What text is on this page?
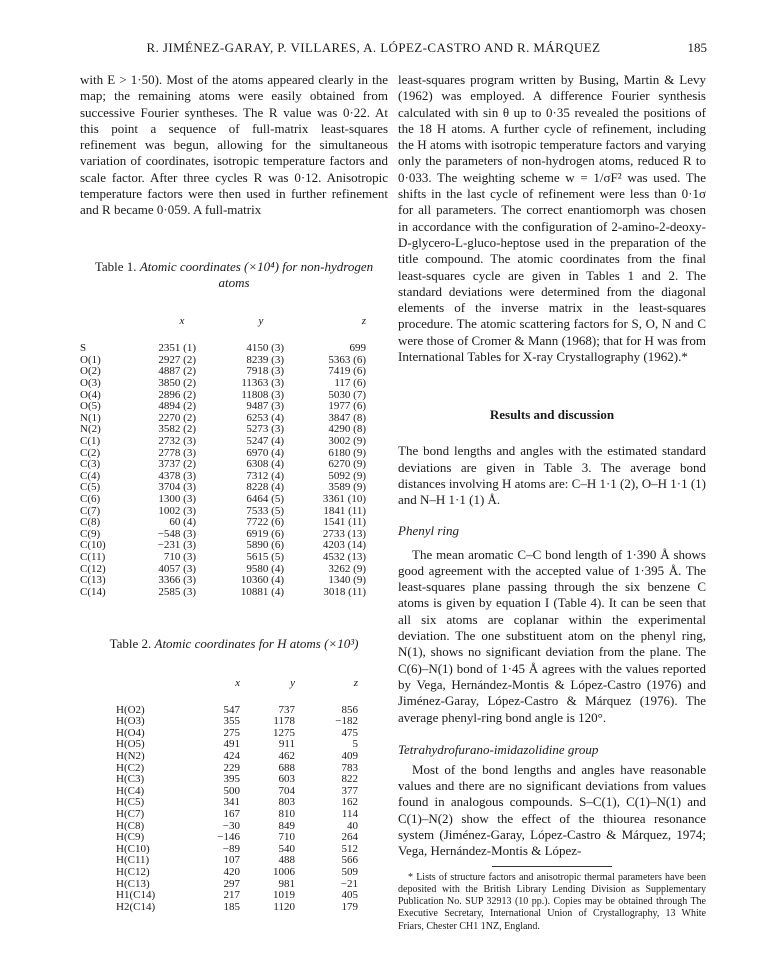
R. JIMÉNEZ-GARAY, P. VILLARES, A. LÓPEZ-CASTRO AND R. MÁRQUEZ	185

with E > 1·50). Most of the atoms appeared clearly in the map; the remaining atoms were easily obtained from successive Fourier syntheses. The R value was 0·22. At this point a sequence of full-matrix least-squares refinement was begun, allowing for the simultaneous variation of coordinates, isotropic temperature factors and scale factor. After three cycles R was 0·12. Anisotropic temperature factors were then used in further refinement and R became 0·059. A full-matrix

Table 1. Atomic coordinates (×10⁴) for non-hydrogen atoms
	x	y	z
S	2351 (1)	4150 (3)	699
O(1)	2927 (2)	8239 (3)	5363 (6)
O(2)	4887 (2)	7918 (3)	7419 (6)
O(3)	3850 (2)	11363 (3)	117 (6)
O(4)	2896 (2)	11808 (3)	5030 (7)
O(5)	4894 (2)	9487 (3)	1977 (6)
N(1)	2270 (2)	6253 (4)	3847 (8)
N(2)	3582 (2)	5273 (3)	4290 (8)
C(1)	2732 (3)	5247 (4)	3002 (9)
C(2)	2778 (3)	6970 (4)	6180 (9)
C(3)	3737 (2)	6308 (4)	6270 (9)
C(4)	4378 (3)	7312 (4)	5092 (9)
C(5)	3704 (3)	8228 (4)	3589 (9)
C(6)	1300 (3)	6464 (5)	3361 (10)
C(7)	1002 (3)	7533 (5)	1841 (11)
C(8)	60 (4)	7722 (6)	1541 (11)
C(9)	−548 (3)	6919 (6)	2733 (13)
C(10)	−231 (3)	5890 (6)	4203 (14)
C(11)	710 (3)	5615 (5)	4532 (13)
C(12)	4057 (3)	9580 (4)	3262 (9)
C(13)	3366 (3)	10360 (4)	1340 (9)
C(14)	2585 (3)	10881 (4)	3018 (11)
Table 2. Atomic coordinates for H atoms (×10³)
	x	y	z
H(O2)	547	737	856
H(O3)	355	1178	−182
H(O4)	275	1275	475
H(O5)	491	911	5
H(N2)	424	462	409
H(C2)	229	688	783
H(C3)	395	603	822
H(C4)	500	704	377
H(C5)	341	803	162
H(C7)	167	810	114
H(C8)	−30	849	40
H(C9)	−146	710	264
H(C10)	−89	540	512
H(C11)	107	488	566
H(C12)	420	1006	509
H(C13)	297	981	−21
H1(C14)	217	1019	405
H2(C14)	185	1120	179

least-squares program written by Busing, Martin & Levy (1962) was employed. A difference Fourier synthesis calculated with sin θ up to 0·35 revealed the positions of the 18 H atoms. A further cycle of refinement, including the H atoms with isotropic temperature factors and varying only the parameters of non-hydrogen atoms, reduced R to 0·033. The weighting scheme w = 1/σF² was used. The shifts in the last cycle of refinement were less than 0·1σ for all parameters. The correct enantiomorph was chosen in accordance with the configuration of 2-amino-2-deoxy-D-glycero-L-gluco-heptose used in the preparation of the title compound. The atomic coordinates from the final least-squares cycle are given in Tables 1 and 2. The standard deviations were determined from the diagonal elements of the inverse matrix in the least-squares procedure. The atomic scattering factors for S, O, N and C were those of Cromer & Mann (1968); that for H was from International Tables for X-ray Crystallography (1962).*

Results and discussion

The bond lengths and angles with the estimated standard deviations are given in Table 3. The average bond distances involving H atoms are: C–H 1·1 (2), O–H 1·1 (1) and N–H 1·1 (1) Å.

Phenyl ring

The mean aromatic C–C bond length of 1·390 Å shows good agreement with the accepted value of 1·395 Å. The least-squares plane passing through the six benzene C atoms is given by equation I (Table 4). It can be seen that all six atoms are coplanar within the experimental deviation. The one substituent atom on the phenyl ring, N(1), shows no significant deviation from the plane. The C(6)–N(1) bond of 1·45 Å agrees with the values reported by Vega, Hernández-Montis & López-Castro (1976) and Jiménez-Garay, López-Castro & Márquez (1976). The average phenyl-ring bond angle is 120°.

Tetrahydrofurano-imidazolidine group

Most of the bond lengths and angles have reasonable values and there are no significant deviations from values found in analogous compounds. S–C(1), C(1)–N(1) and C(1)–N(2) show the effect of the thiourea resonance system (Jiménez-Garay, López-Castro & Márquez, 1974; Vega, Hernández-Montis & López-

* Lists of structure factors and anisotropic thermal parameters have been deposited with the British Library Lending Division as Supplementary Publication No. SUP 32913 (10 pp.). Copies may be obtained through The Executive Secretary, International Union of Crystallography, 13 White Friars, Chester CH1 1NZ, England.
